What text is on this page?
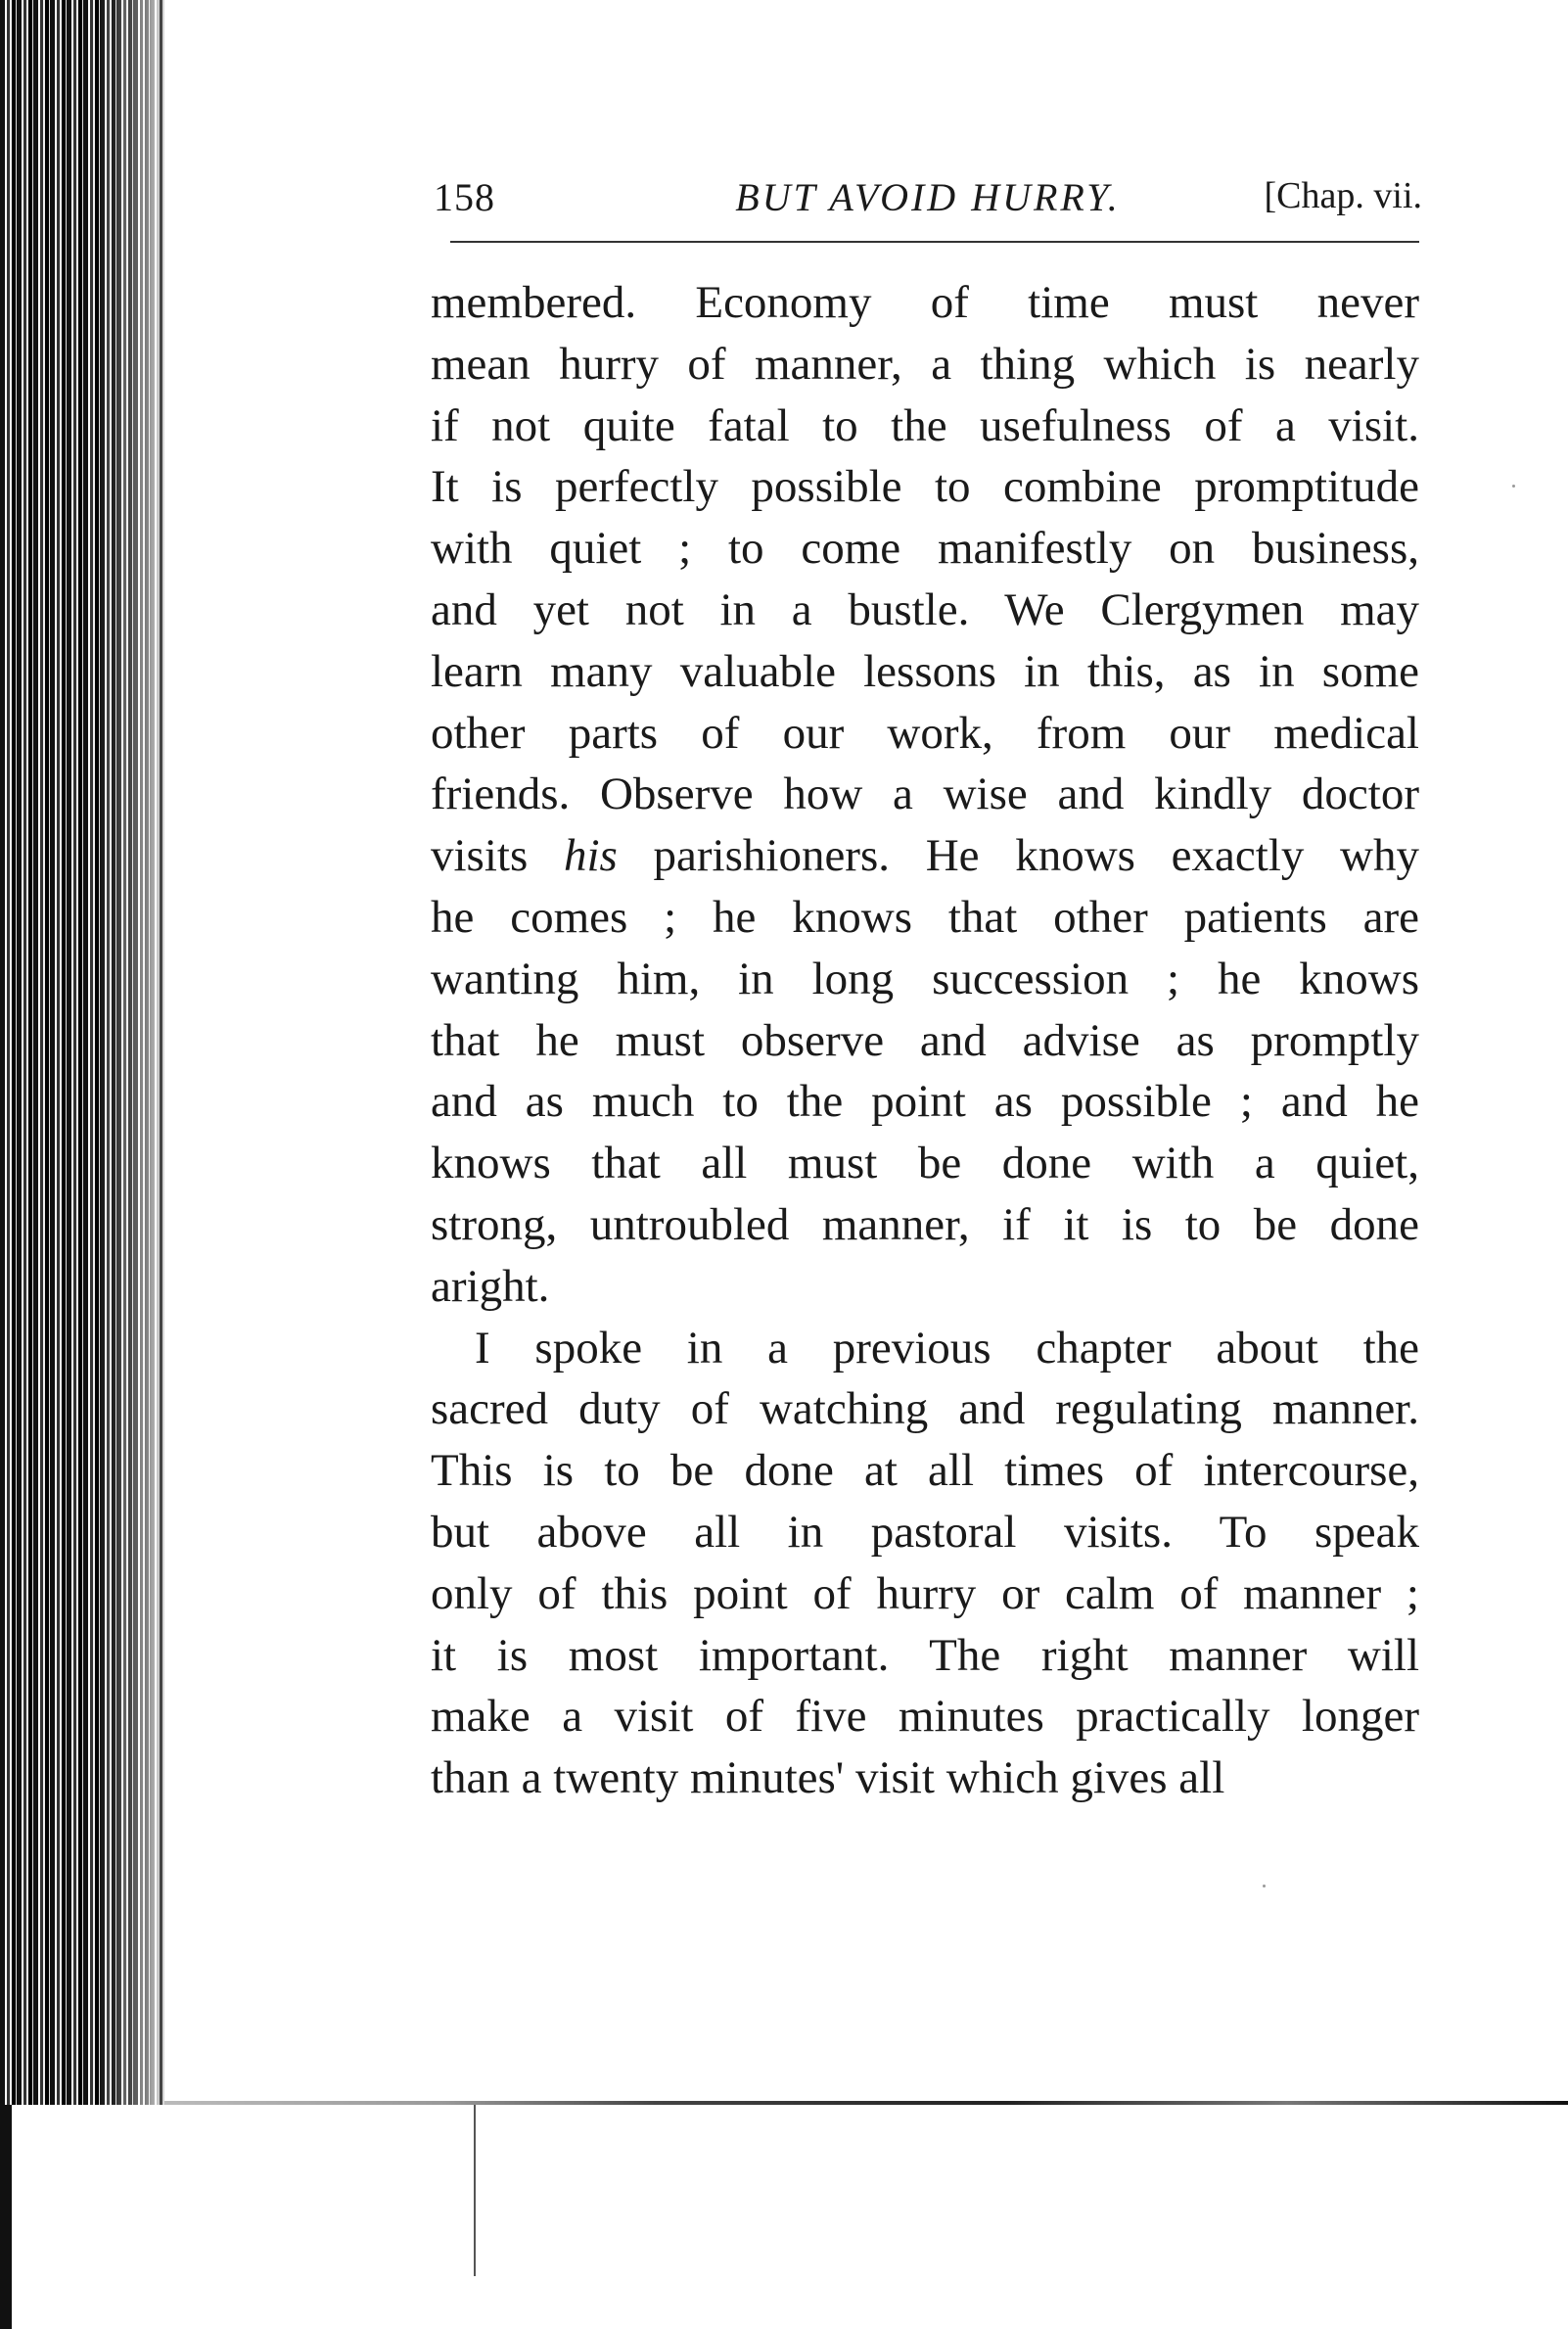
158	BUT AVOID HURRY.	[Chap. vii.
membered. Economy of time must never
mean hurry of manner, a thing which is nearly
if not quite fatal to the usefulness of a visit.
It is perfectly possible to combine promptitude
with quiet ; to come manifestly on business,
and yet not in a bustle. We Clergymen may
learn many valuable lessons in this, as in some
other parts of our work, from our medical
friends. Observe how a wise and kindly doctor
visits his parishioners. He knows exactly why
he comes ; he knows that other patients are
wanting him, in long succession ; he knows
that he must observe and advise as promptly
and as much to the point as possible ; and he
knows that all must be done with a quiet,
strong, untroubled manner, if it is to be done
aright.
I spoke in a previous chapter about the
sacred duty of watching and regulating manner.
This is to be done at all times of intercourse,
but above all in pastoral visits. To speak
only of this point of hurry or calm of manner ;
it is most important. The right manner will
make a visit of five minutes practically longer
than a twenty minutes' visit which gives all
